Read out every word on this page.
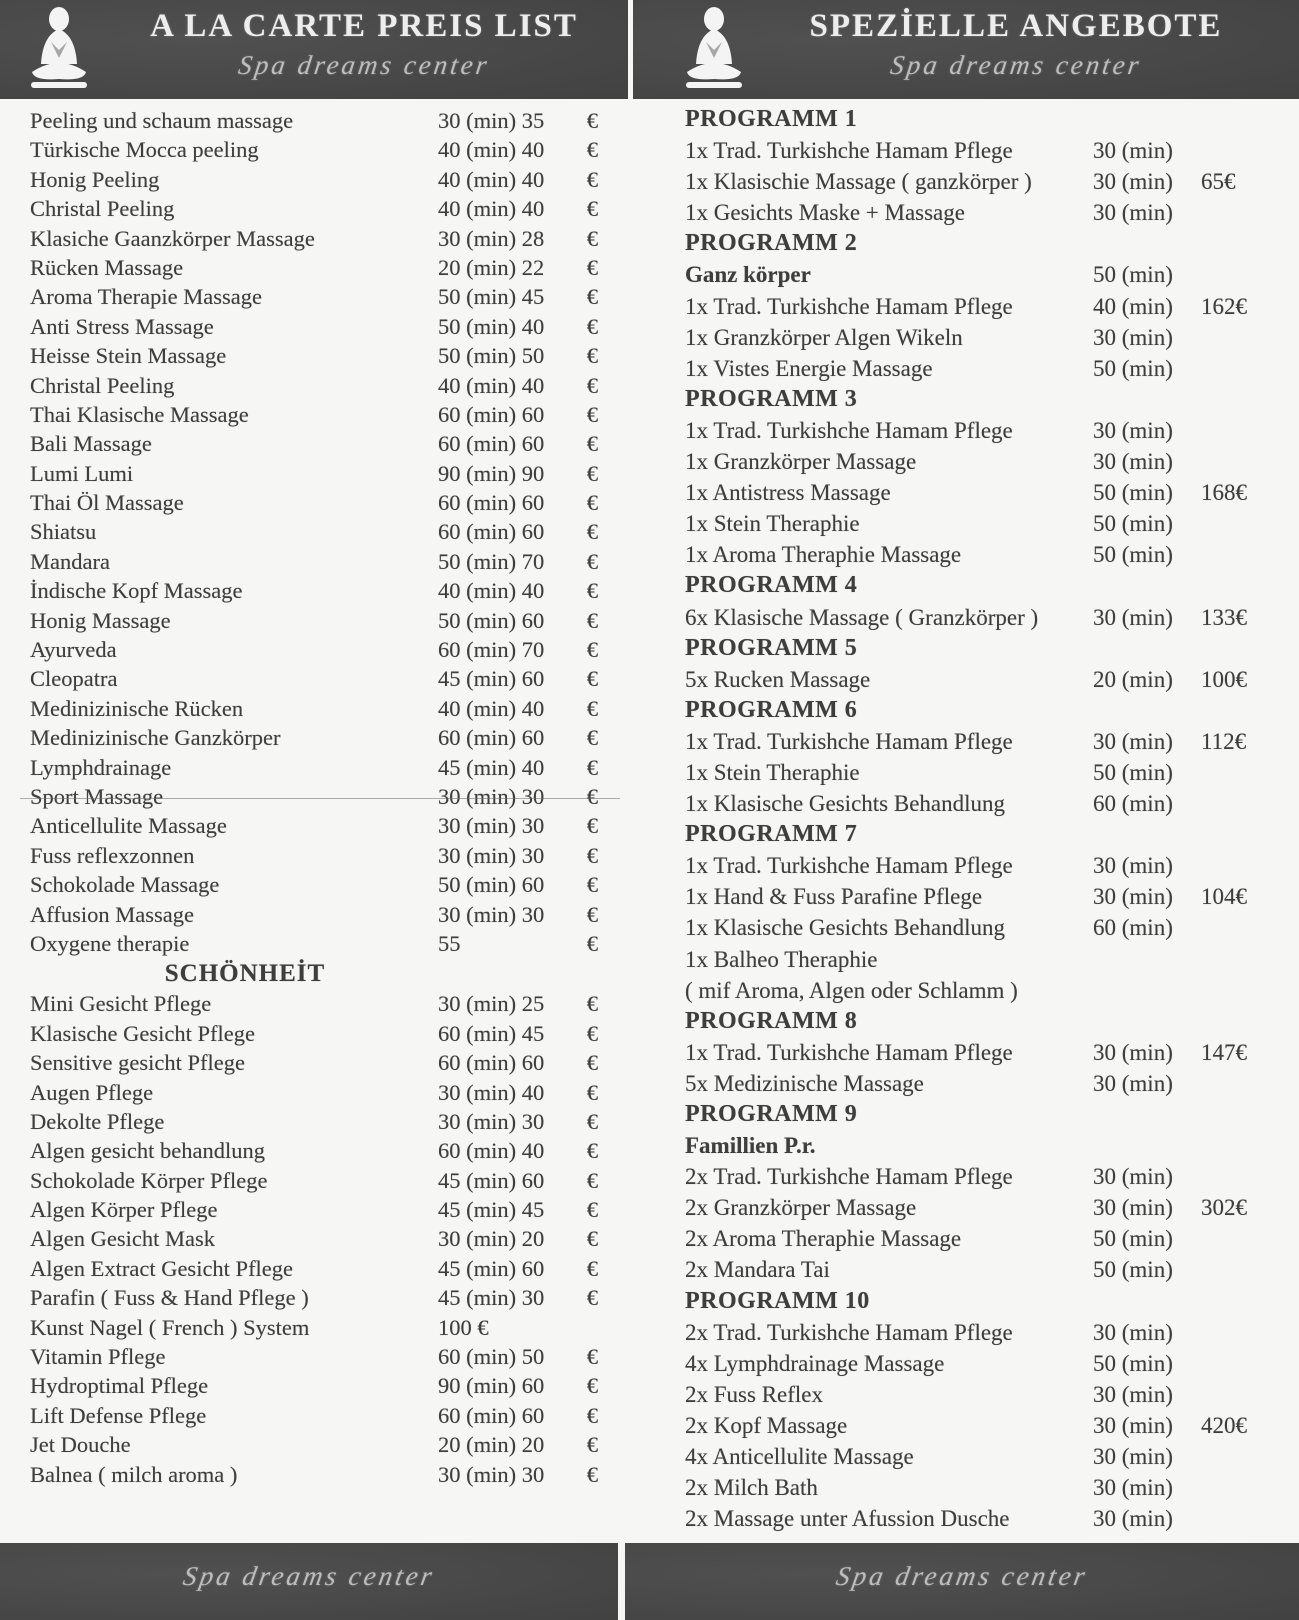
A LA CARTE PREIS LIST
Spa dreams center
SPEZİELLE ANGEBOTE
Spa dreams center
Peeling und schaum massage	30 (min) 35 €
Türkische Mocca peeling	40 (min) 40 €
Honig Peeling	40 (min) 40 €
Christal Peeling	40 (min) 40 €
Klasiche Gaanzkörper Massage	30 (min) 28 €
Rücken Massage	20 (min) 22 €
Aroma Therapie Massage	50 (min) 45 €
Anti Stress Massage	50 (min) 40 €
Heisse Stein Massage	50 (min) 50 €
Christal Peeling	40 (min) 40 €
Thai Klasische Massage	60 (min) 60 €
Bali Massage	60 (min) 60 €
Lumi Lumi	90 (min) 90 €
Thai Öl Massage	60 (min) 60 €
Shiatsu	60 (min) 60 €
Mandara	50 (min) 70 €
İndische Kopf Massage	40 (min) 40 €
Honig Massage	50 (min) 60 €
Ayurveda	60 (min) 70 €
Cleopatra	45 (min) 60 €
Medinizinische Rücken	40 (min) 40 €
Medinizinische Ganzkörper	60 (min) 60 €
Lymphdrainage	45 (min) 40 €
Sport Massage	30 (min) 30 €
Anticellulite Massage	30 (min) 30 €
Fuss reflexzonnen	30 (min) 30 €
Schokolade Massage	50 (min) 60 €
Affusion Massage	30 (min) 30 €
Oxygene therapie	55	€
SCHÖNHEİT
Mini Gesicht Pflege	30 (min) 25 €
Klasische Gesicht Pflege	60 (min) 45 €
Sensitive gesicht Pflege	60 (min) 60 €
Augen Pflege	30 (min) 40 €
Dekolte Pflege	30 (min) 30 €
Algen gesicht behandlung	60 (min) 40 €
Schokolade Körper Pflege	45 (min) 60 €
Algen Körper Pflege	45 (min) 45 €
Algen Gesicht Mask	30 (min) 20 €
Algen Extract Gesicht Pflege	45 (min) 60 €
Parafin ( Fuss & Hand Pflege )	45 (min) 30 €
Kunst Nagel ( French ) System	100 €
Vitamin Pflege	60 (min) 50 €
Hydroptimal Pflege	90 (min) 60 €
Lift Defense Pflege	60 (min) 60 €
Jet Douche	20 (min) 20 €
Balnea ( milch aroma )	30 (min) 30 €
PROGRAMM 1
1x Trad. Turkishche Hamam Pflege	30 (min)
1x Klasischie Massage ( ganzkörper )	30 (min)	65€
1x Gesichts Maske + Massage	30 (min)
PROGRAMM 2
Ganz körper	50 (min)
1x Trad. Turkishche Hamam Pflege	40 (min)	162€
1x Granzkörper Algen Wikeln	30 (min)
1x Vistes Energie Massage	50 (min)
PROGRAMM 3
1x Trad. Turkishche Hamam Pflege	30 (min)
1x Granzkörper Massage	30 (min)
1x Antistress Massage	50 (min)	168€
1x Stein Theraphie	50 (min)
1x Aroma Theraphie Massage	50 (min)
PROGRAMM 4
6x Klasische Massage ( Granzkörper )	30 (min)	133€
PROGRAMM 5
5x Rucken Massage	20 (min)	100€
PROGRAMM 6
1x Trad. Turkishche Hamam Pflege	30 (min)	112€
1x Stein Theraphie	50 (min)
1x Klasische Gesichts Behandlung	60 (min)
PROGRAMM 7
1x Trad. Turkishche Hamam Pflege	30 (min)
1x Hand & Fuss Parafine Pflege	30 (min)	104€
1x Klasische Gesichts Behandlung	60 (min)
1x Balheo Theraphie
( mif Aroma, Algen oder Schlamm )
PROGRAMM 8
1x Trad. Turkishche Hamam Pflege	30 (min)	147€
5x Medizinische Massage	30 (min)
PROGRAMM 9
Famillien P.r.
2x Trad. Turkishche Hamam Pflege	30 (min)
2x Granzkörper Massage	30 (min)	302€
2x Aroma Theraphie Massage	50 (min)
2x Mandara Tai	50 (min)
PROGRAMM 10
2x Trad. Turkishche Hamam Pflege	30 (min)
4x Lymphdrainage Massage	50 (min)
2x Fuss Reflex	30 (min)
2x Kopf Massage	30 (min)	420€
4x Anticellulite Massage	30 (min)
2x Milch Bath	30 (min)
2x Massage unter Afussion Dusche	30 (min)
Spa dreams center	Spa dreams center
